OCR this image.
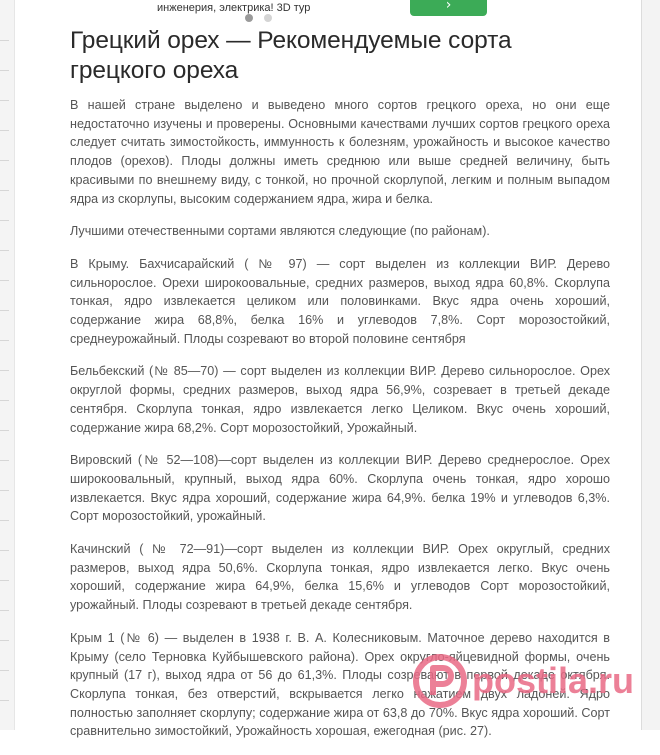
инженерия, электрика! 3D тур	›
Грецкий орех — Рекомендуемые сорта грецкого ореха

В нашей стране выделено и выведено много сортов грецкого ореха, но они еще недостаточно изучены и проверены. Основными качествами лучших сортов грецкого ореха следует считать зимостойкость, иммунность к болезням, урожайность и высокое качество плодов (орехов). Плоды должны иметь среднюю или выше средней величину, быть красивыми по внешнему виду, с тонкой, но прочной скорлупой, легким и полным выпадом ядра из скорлупы, высоким содержанием ядра, жира и белка.

Лучшими отечественными сортами являются следующие (по районам).

В Крыму. Бахчисарайский ( № 97) — сорт выделен из коллекции ВИР. Дерево сильнорослое. Орехи широкоовальные, средних размеров, выход ядра 60,8%. Скорлупа тонкая, ядро извлекается целиком или половинками. Вкус ядра очень хороший, содержание жира 68,8%, белка 16% и углеводов 7,8%. Сорт морозостойкий, среднеурожайный. Плоды созревают во второй половине сентября

Бельбекский (№ 85—70) — сорт выделен из коллекции ВИР. Дерево сильнорослое. Орех округлой формы, средних размеров, выход ядра 56,9%, созревает в третьей декаде сентября. Скорлупа тонкая, ядро извлекается легко Целиком. Вкус очень хороший, содержание жира 68,2%. Сорт морозостойкий, Урожайный.

Вировский (№ 52—108)—сорт выделен из коллекции ВИР. Дерево среднерослое. Орех широкоовальный, крупный, выход ядра 60%. Скорлупа очень тонкая, ядро хорошо извлекается. Вкус ядра хороший, содержание жира 64,9%. белка 19% и углеводов 6,3%. Сорт морозостойкий, урожайный.

Качинский ( № 72—91)—сорт выделен из коллекции ВИР. Орех округлый, средних размеров, выход ядра 50,6%. Скорлупа тонкая, ядро извлекается легко. Вкус очень хороший, содержание жира 64,9%, белка 15,6% и углеводов Сорт морозостойкий, урожайный. Плоды созревают в третьей декаде сентября.

Крым 1 (№ 6) — выделен в 1938 г. В. А. Колесниковым. Маточное дерево находится в Крыму (село Терновка Куйбышевского района). Орех округло-яйцевидной формы, очень крупный (17 г), выход ядра от 56 до 61,3%. Плоды созревают в первой декаде октября. Скорлупа тонкая, без отверстий, вскрывается легко нажатием двух ладоней. Ядро полностью заполняет скорлупу; содержание жира от 63,8 до 70%. Вкус ядра хороший. Сорт сравнительно зимостойкий, Урожайность хорошая, ежегодная (рис. 27).

postila.ru
